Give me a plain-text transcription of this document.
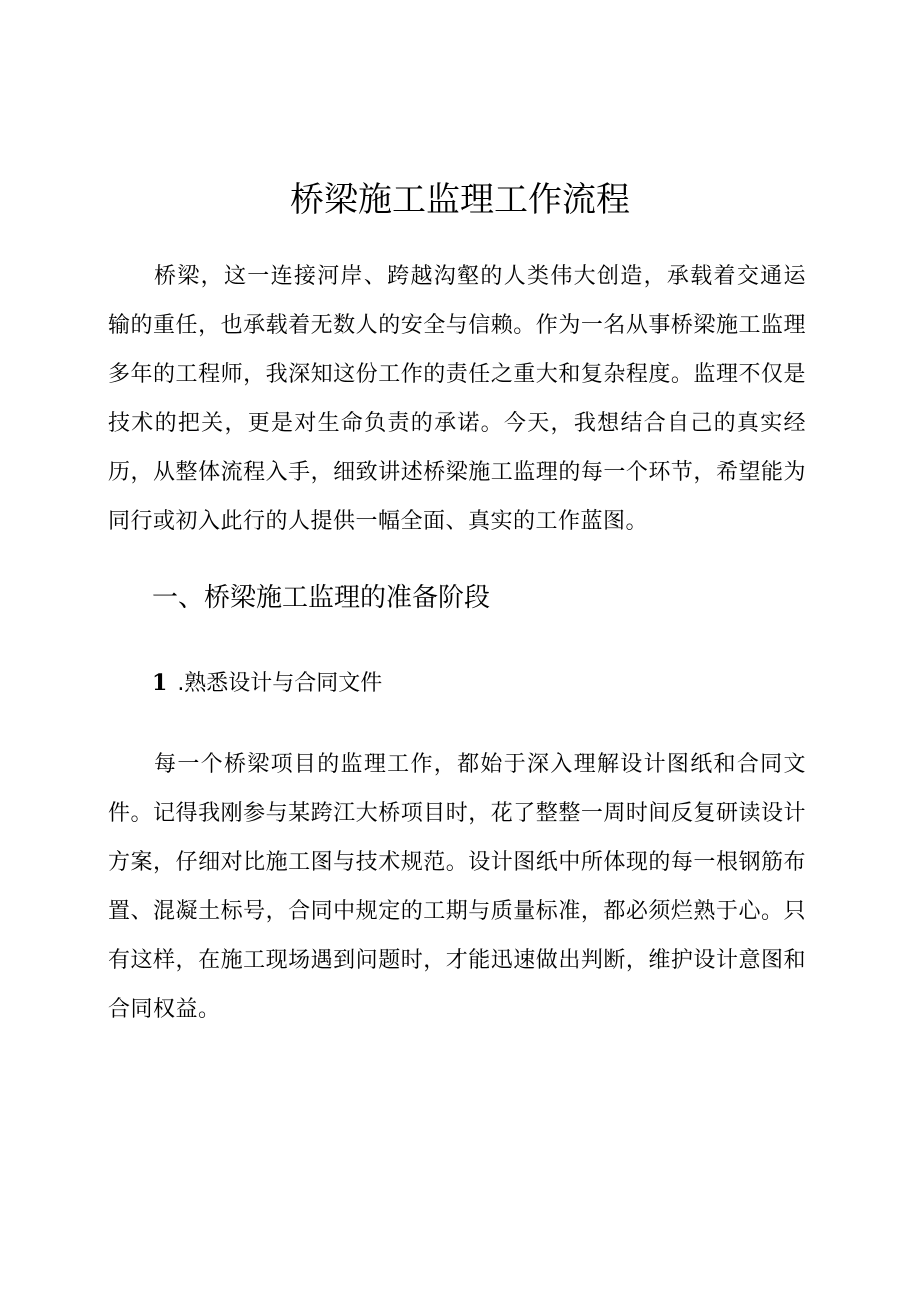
桥梁施工监理工作流程

桥梁，这一连接河岸、跨越沟壑的人类伟大创造，承载着交通运输的重任，也承载着无数人的安全与信赖。作为一名从事桥梁施工监理多年的工程师，我深知这份工作的责任之重大和复杂程度。监理不仅是技术的把关，更是对生命负责的承诺。今天，我想结合自己的真实经历，从整体流程入手，细致讲述桥梁施工监理的每一个环节，希望能为同行或初入此行的人提供一幅全面、真实的工作蓝图。

一、桥梁施工监理的准备阶段
1 .熟悉设计与合同文件

每一个桥梁项目的监理工作，都始于深入理解设计图纸和合同文件。记得我刚参与某跨江大桥项目时，花了整整一周时间反复研读设计方案，仔细对比施工图与技术规范。设计图纸中所体现的每一根钢筋布置、混凝土标号，合同中规定的工期与质量标准，都必须烂熟于心。只有这样，在施工现场遇到问题时，才能迅速做出判断，维护设计意图和合同权益。
